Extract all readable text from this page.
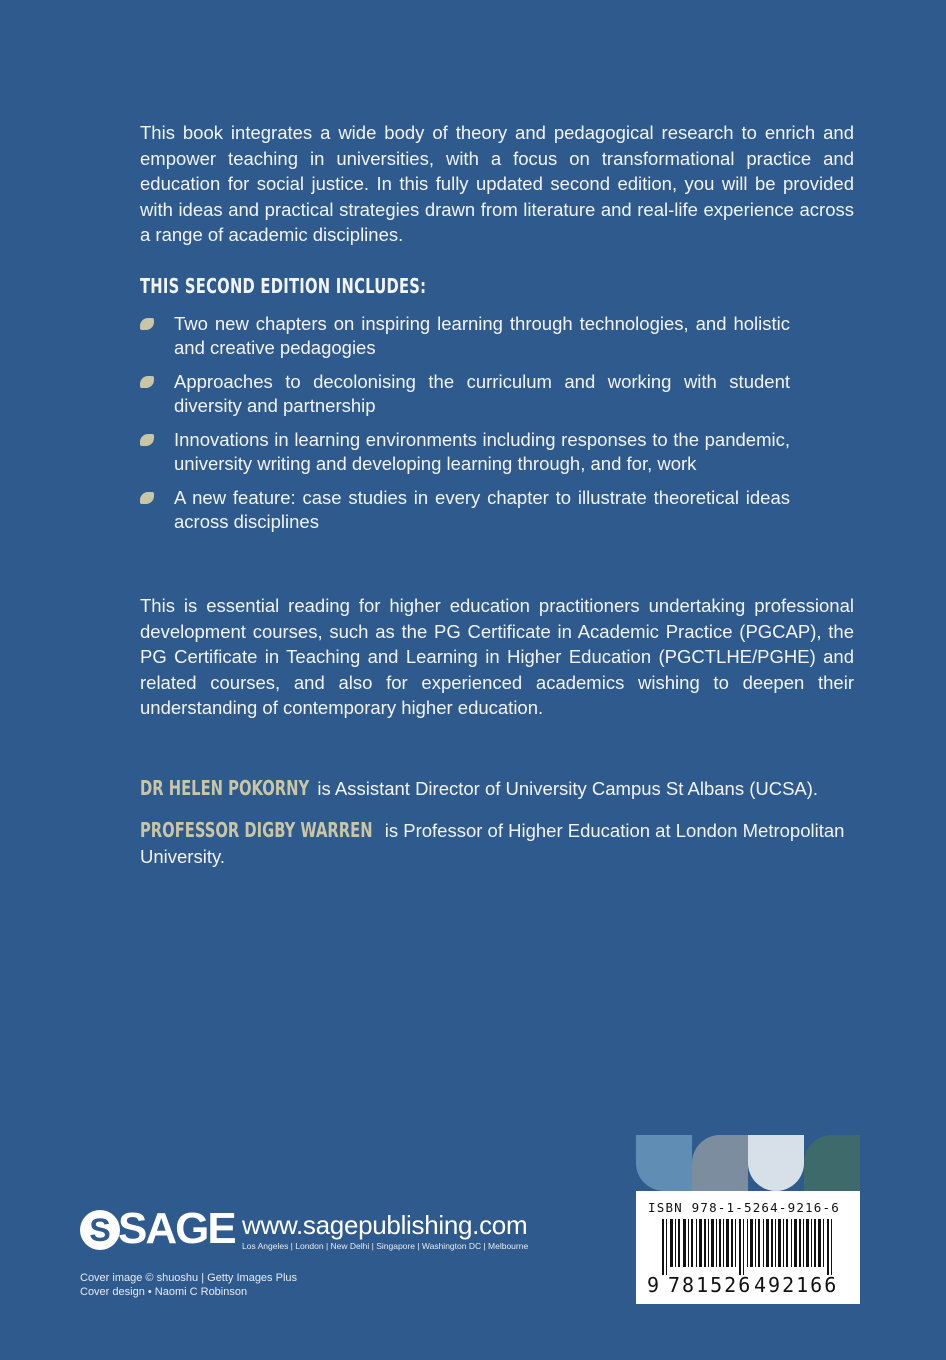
This book integrates a wide body of theory and pedagogical research to enrich and empower teaching in universities, with a focus on transformational practice and education for social justice. In this fully updated second edition, you will be provided with ideas and practical strategies drawn from literature and real-life experience across a range of academic disciplines.

THIS SECOND EDITION INCLUDES:
Two new chapters on inspiring learning through technologies, and holistic and creative pedagogies
Approaches to decolonising the curriculum and working with student diversity and partnership
Innovations in learning environments including responses to the pandemic, university writing and developing learning through, and for, work
A new feature: case studies in every chapter to illustrate theoretical ideas across disciplines

This is essential reading for higher education practitioners undertaking professional development courses, such as the PG Certificate in Academic Practice (PGCAP), the PG Certificate in Teaching and Learning in Higher Education (PGCTLHE/PGHE) and related courses, and also for experienced academics wishing to deepen their understanding of contemporary higher education.

DR HELEN POKORNY is Assistant Director of University Campus St Albans (UCSA).

PROFESSOR DIGBY WARREN is Professor of Higher Education at London Metropolitan University.

S SAGE www.sagepublishing.com
Los Angeles | London | New Delhi | Singapore | Washington DC | Melbourne
Cover image © shuoshu | Getty Images Plus
Cover design • Naomi C Robinson
ISBN 978-1-5264-9216-6
9 781526 492166
